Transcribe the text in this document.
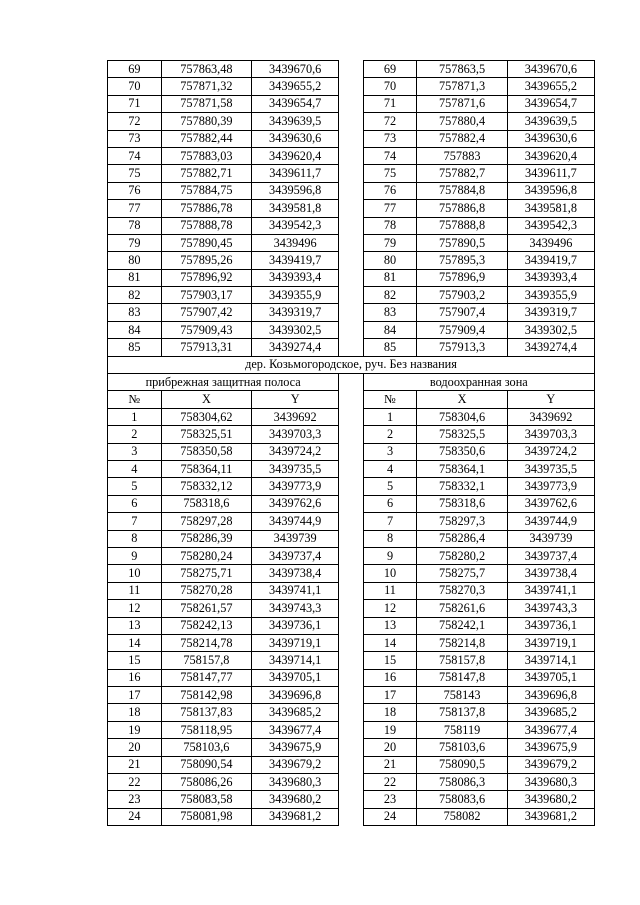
69	757863,48	3439670,6		69	757863,5	3439670,6
70	757871,32	3439655,2		70	757871,3	3439655,2
71	757871,58	3439654,7		71	757871,6	3439654,7
72	757880,39	3439639,5		72	757880,4	3439639,5
73	757882,44	3439630,6		73	757882,4	3439630,6
74	757883,03	3439620,4		74	757883	3439620,4
75	757882,71	3439611,7		75	757882,7	3439611,7
76	757884,75	3439596,8		76	757884,8	3439596,8
77	757886,78	3439581,8		77	757886,8	3439581,8
78	757888,78	3439542,3		78	757888,8	3439542,3
79	757890,45	3439496		79	757890,5	3439496
80	757895,26	3439419,7		80	757895,3	3439419,7
81	757896,92	3439393,4		81	757896,9	3439393,4
82	757903,17	3439355,9		82	757903,2	3439355,9
83	757907,42	3439319,7		83	757907,4	3439319,7
84	757909,43	3439302,5		84	757909,4	3439302,5
85	757913,31	3439274,4		85	757913,3	3439274,4
дер. Козьмогородское, руч. Без названия						
прибрежная защитная полоса				водоохранная зона		
№	X	Y		№	X	Y
1	758304,62	3439692		1	758304,6	3439692
2	758325,51	3439703,3		2	758325,5	3439703,3
3	758350,58	3439724,2		3	758350,6	3439724,2
4	758364,11	3439735,5		4	758364,1	3439735,5
5	758332,12	3439773,9		5	758332,1	3439773,9
6	758318,6	3439762,6		6	758318,6	3439762,6
7	758297,28	3439744,9		7	758297,3	3439744,9
8	758286,39	3439739		8	758286,4	3439739
9	758280,24	3439737,4		9	758280,2	3439737,4
10	758275,71	3439738,4		10	758275,7	3439738,4
11	758270,28	3439741,1		11	758270,3	3439741,1
12	758261,57	3439743,3		12	758261,6	3439743,3
13	758242,13	3439736,1		13	758242,1	3439736,1
14	758214,78	3439719,1		14	758214,8	3439719,1
15	758157,8	3439714,1		15	758157,8	3439714,1
16	758147,77	3439705,1		16	758147,8	3439705,1
17	758142,98	3439696,8		17	758143	3439696,8
18	758137,83	3439685,2		18	758137,8	3439685,2
19	758118,95	3439677,4		19	758119	3439677,4
20	758103,6	3439675,9		20	758103,6	3439675,9
21	758090,54	3439679,2		21	758090,5	3439679,2
22	758086,26	3439680,3		22	758086,3	3439680,3
23	758083,58	3439680,2		23	758083,6	3439680,2
24	758081,98	3439681,2		24	758082	3439681,2
